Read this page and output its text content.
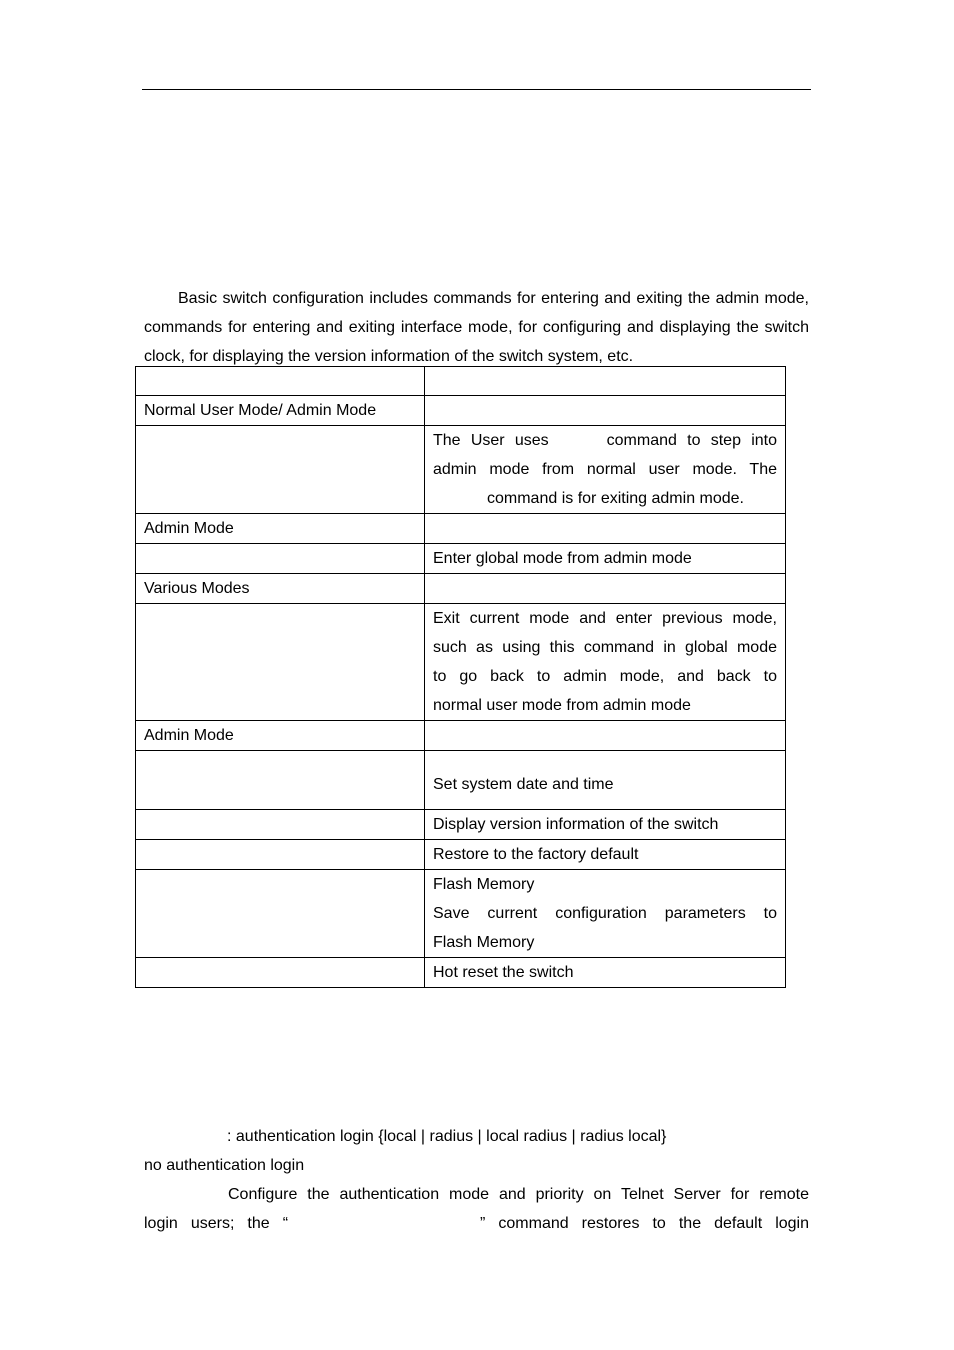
Basic switch configuration includes commands for entering and exiting the admin mode, commands for entering and exiting interface mode, for configuring and displaying the switch clock, for displaying the version information of the switch system, etc.

Normal User Mode/ Admin Mode	

	The User uses command to step into
admin mode from normal user mode. The
command is for exiting admin mode.

Admin Mode	
	Enter global mode from admin mode
Various Modes	

	Exit current mode and enter previous mode,
such as using this command in global mode
to go back to admin mode, and back to
normal user mode from admin mode

Admin Mode	
	Set system date and time
	Display version information of the switch
	Restore to the factory default

	Flash Memory
Save current configuration parameters to
Flash Memory

	Hot reset the switch

: authentication login {local | radius | local radius | radius local}

no authentication login

Configure the authentication mode and priority on Telnet Server for remote

login users; the “	” command restores to the default login
